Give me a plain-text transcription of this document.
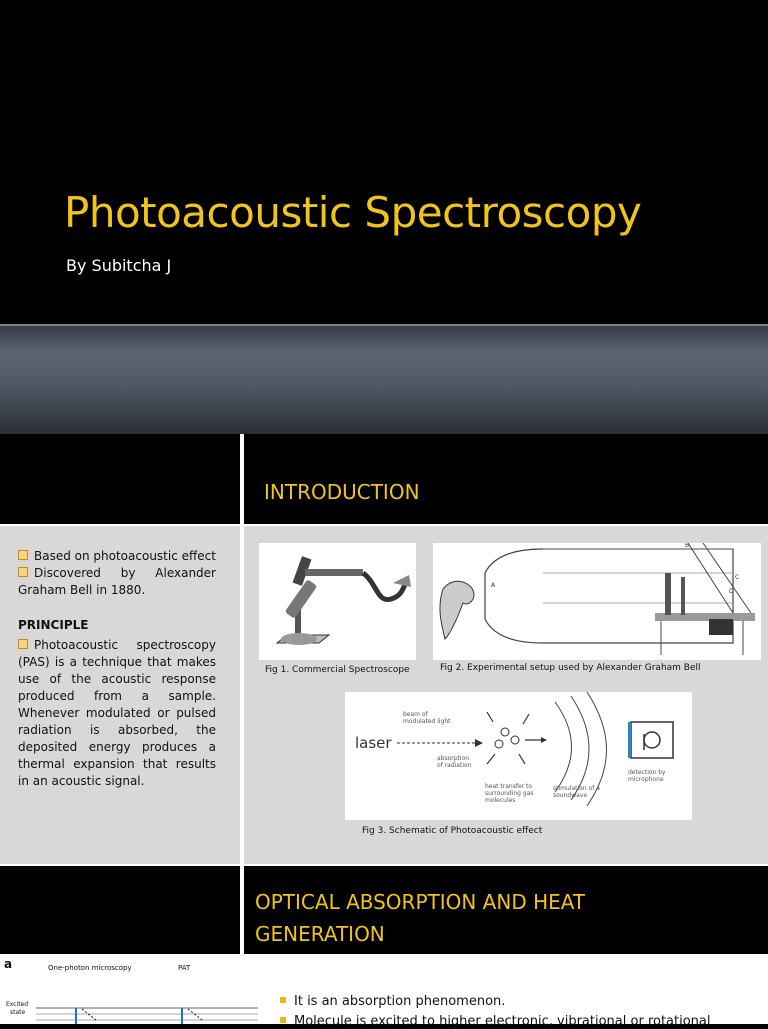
Photoacoustic Spectroscopy
By Subitcha J
INTRODUCTION
Based on photoacoustic effect
Discovered by Alexander Graham Bell in 1880.
PRINCIPLE
Photoacoustic spectroscopy (PAS) is a technique that makes use of the acoustic response produced from a sample. Whenever modulated or pulsed radiation is absorbed, the deposited energy produces a thermal expansion that results in an acoustic signal.
Fig 1. Commercial Spectroscope
A
B
C
D
Fig 2. Experimental setup used by Alexander Graham Bell
laser
beam of modulated light
absorption of radiation
heat transfer to surrounding gas molecules
stimulation of a soundwave
detection by microphone
Fig 3. Schematic of Photoacoustic effect
OPTICAL ABSORPTION AND HEAT GENERATION
a	One-photon microscopy	PAT
Excited state
It is an absorption phenomenon.
Molecule is excited to higher electronic, vibrational or rotational
